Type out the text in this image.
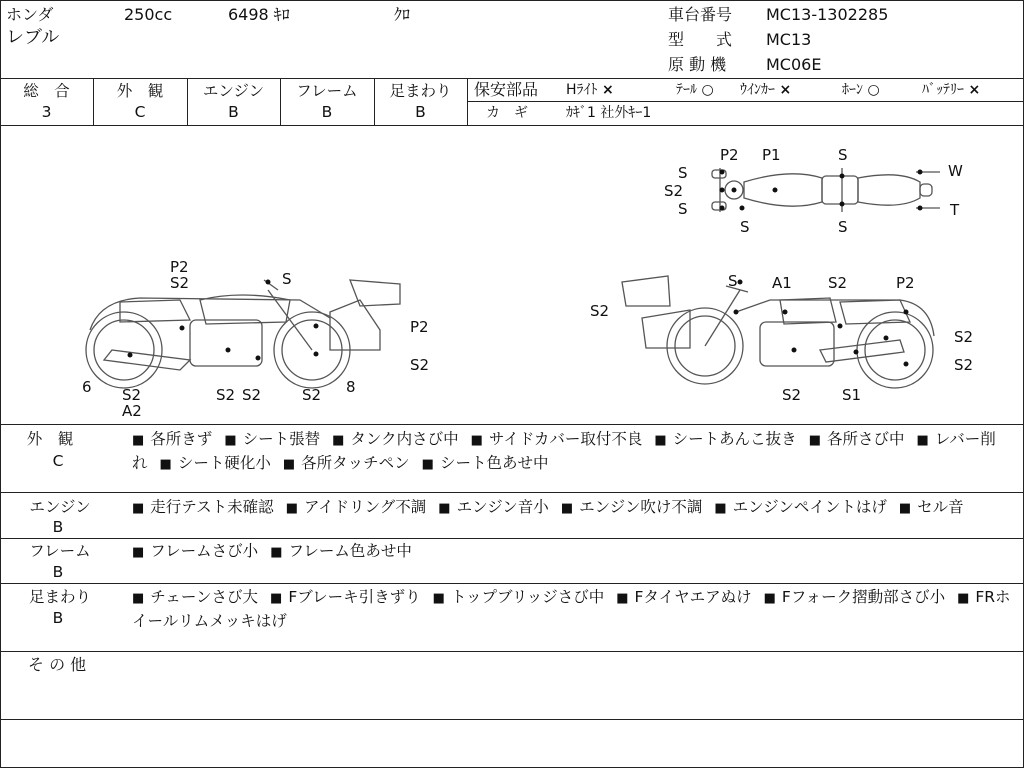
ホンダ
レブル
250cc	6498 ｷﾛ	ｸﾛ	車台番号 MC13-1302285
型　　式 MC13
原 動 機 MC06E
総　合
3
外　観
C
エンジン
B
フレーム
B
足まわり
B
保安部品 Hﾗｲﾄ ×	ﾃｰﾙ ○ ｳｲﾝｶｰ ×	ﾎｰﾝ ○	ﾊﾞｯﾃﾘｰ ×
カ　ギ	ｶｷﾞ1 社外ｷｰ1
S
S2
S
P2
S
P1	S
S
W
T
P2
S2	S
P2
S2
S2
6	S2
A2
S2	S2 8
S A1 S2	P2
S2
S2
S2
S2	S1
外　観
C
■ 各所きず ■ シート張替 ■ タンク内さび中 ■ サイドカバー取付不良 ■ シートあんこ抜き ■ 各所さび中 ■ レバー削れ ■ シート硬化小 ■ 各所タッチペン ■ シート色あせ中
エンジン
B
■ 走行テスト未確認 ■ アイドリング不調 ■ エンジン音小 ■ エンジン吹け不調 ■ エンジンペイントはげ ■ セル音
フレーム
B
■ フレームさび小 ■ フレーム色あせ中
足まわり
B
■ チェーンさび大 ■ Fブレーキ引きずり ■ トップブリッジさび中 ■ Fタイヤエアぬけ ■ Fフォーク摺動部さび小 ■ FRホイールリムメッキはげ
そ の 他
